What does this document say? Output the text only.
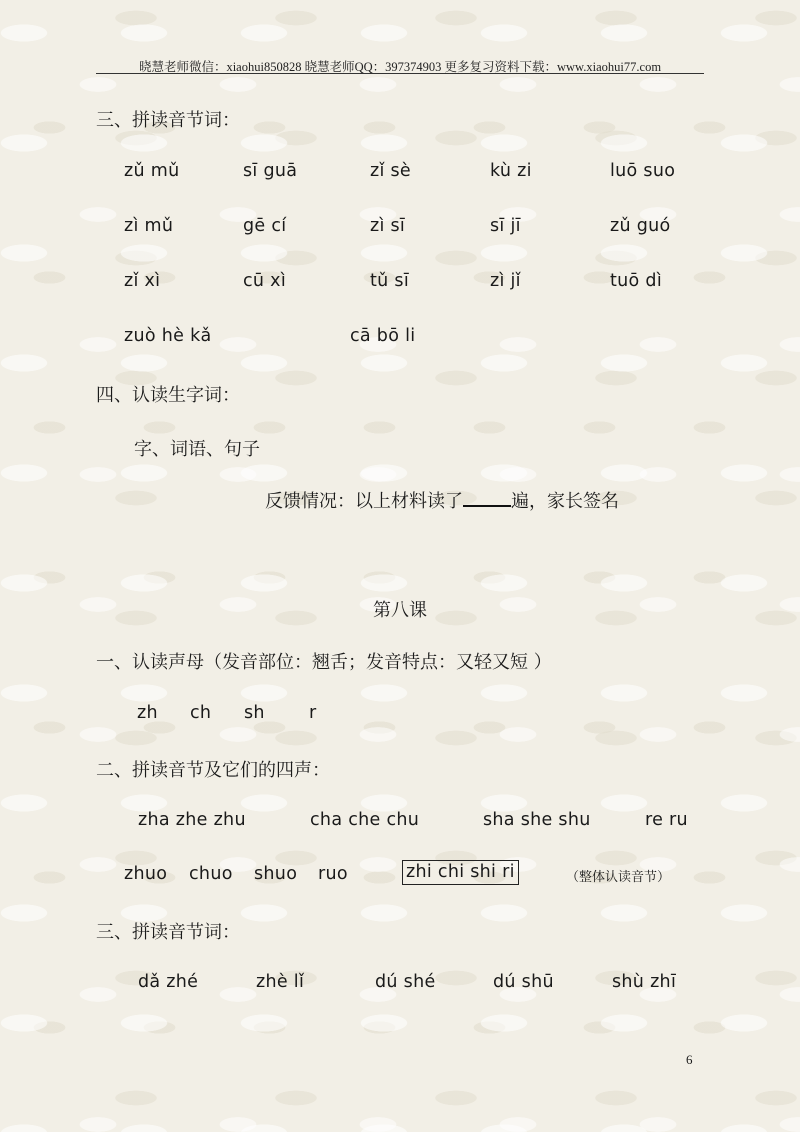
晓慧老师微信：xiaohui850828 晓慧老师QQ：397374903 更多复习资料下载：www.xiaohui77.com
三、拼读音节词：
zǔ mǔ	sī guā	zǐ sè	kù zi	luō suo
zì mǔ	gē cí	zì sī	sī jī	zǔ guó
zǐ xì	cū xì	tǔ sī	zì jǐ	tuō dì
zuò hè kǎ	cā bō li
四、认读生字词：
字、词语、句子
反馈情况：以上材料读了	遍，家长签名
第八课
一、认读声母（发音部位：翘舌；发音特点：又轻又短 ）
zh ch sh	r
二、拼读音节及它们的四声：
zha zhe zhu	cha che chu	sha she shu	re ru
zhuo chuo shuo ruo	zhi chi shi ri	（整体认读音节）
三、拼读音节词：
dǎ zhé	zhè lǐ	dú shé	dú shū	shù zhī
6
